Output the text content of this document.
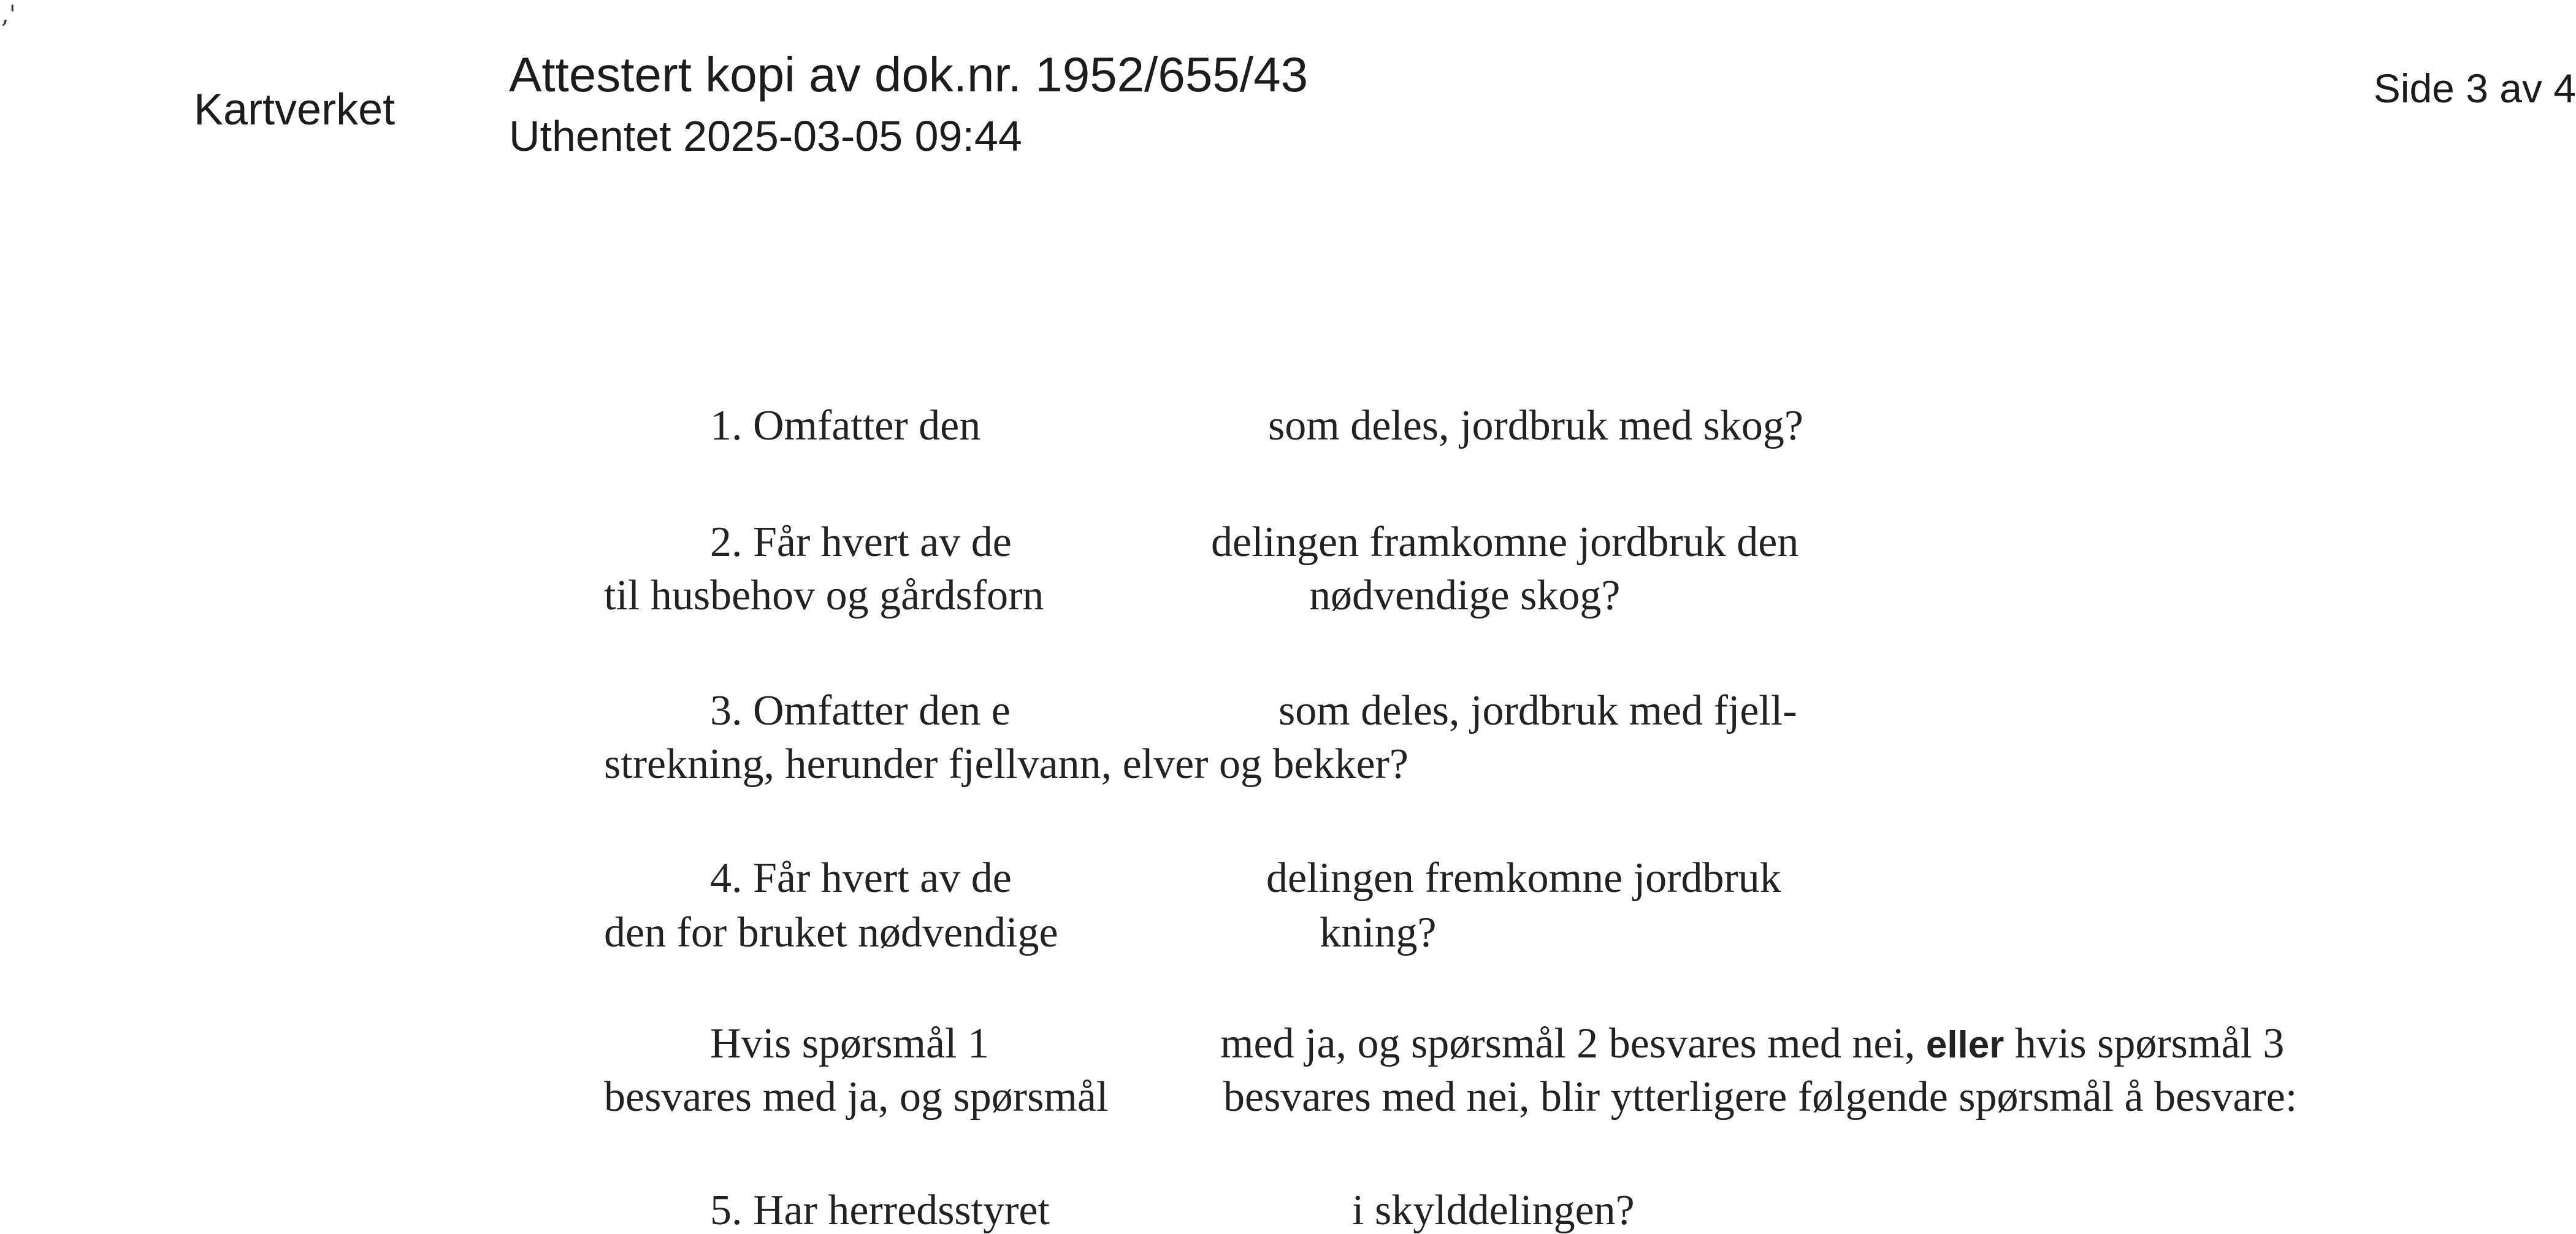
,'
Kartverket
Attestert kopi av dok.nr. 1952/655/43
Uthentet 2025-03-05 09:44
Side 3 av 4
1. Omfatter den	som deles, jordbruk med skog?
2. Får hvert av de	delingen framkomne jordbruk den
til husbehov og gårdsforn	nødvendige skog?
3. Omfatter den e	som deles, jordbruk med fjell-
strekning, herunder fjellvann, elver og bekker?
4. Får hvert av de	delingen fremkomne jordbruk
den for bruket nødvendige	kning?
Hvis spørsmål 1	med ja, og spørsmål 2 besvares med nei, eller hvis spørsmål 3
besvares med ja, og spørsmål	besvares med nei, blir ytterligere følgende spørsmål å besvare:
5. Har herredsstyret	i skylddelingen?
